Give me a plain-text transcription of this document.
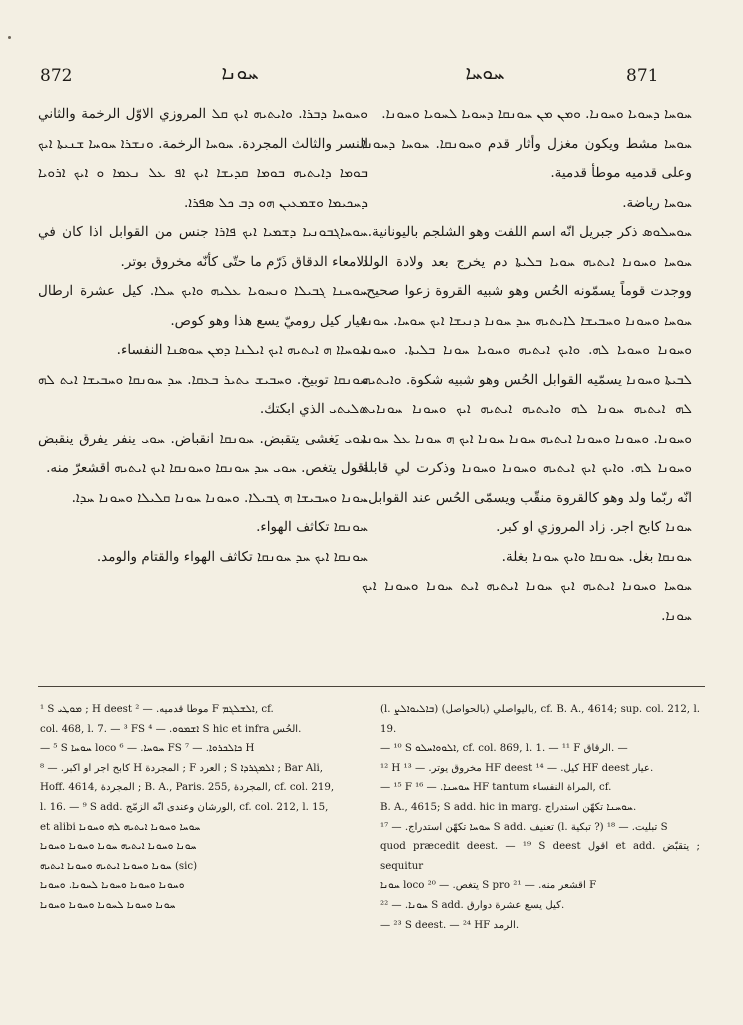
872	ܚܘܢܐ	ܚܘܚܐ	871

ܘܚܘܚܐ ܕܒܪܐ. ܘܐܝܬܝܗ ܐܝܟ ܩܠ المروزي الاوّل الرخمة والثاني النسر والثالث المجردة. ܚܘܚܐ الرخمة. ܘܢܫܪܐ ܚܘܚܐ ܫܢܝܬܐ ܐܝܟ ܒܘܡܐ ܕܐܝܬܝܗ ܒܘܡܐ ܩܕܝܫܐ ܐܝܟ ܐܦ ܥܠ ܢܥܡܐ ܘ ܐܝܟ ܐܪܘܝܐ ܕܚܟܝܡܐ ܘܫܡܥܝܢ ܗܘ ܕܒ ܟܠ ܣܦܪܐ.

ܚܘܚܐܓܒܘܢܝܐ ܕܫܡܝܐ ܐܝܟ ܦܐܪܐ جنس من القوابل اذا كان في الامعاء الدقاق ذَرّم ما حتّى كأنّه مخروق بوتر.

ܚܘܚܢܐ ܓܒܝܠܐ ܘܢܚܘܝܐ ܥܠܝܗ ܘܐܝܟ ܚܠܐ. كيل عشرة ارطال عيار كيل روميّ يسع هذا وهو كوص.

ܚܘܚܐܐ ܗ ܐܝܬܝܗ ܐܝܟ ܐܝܠܢܐ ܕܡܢ ܚܘܣܢܐ النفساء.

ܚܘܢܩܐ توبيخ. ܘܚܒܝܫ ܝܬܝܪ ܒܥܩܐ. ܚܕ ܚܘܢܩܐ ܘܚܒܝܫܐ ܐܝܬ ܠܗ ܬܠܝܬܝ الذي ابكتك.

ܚܘܝ يَغشى يتقبض. ܚܘܢܩܐ انقباض. ܚܘܝ ينفر يفرق ينقبض اقول يتغص. ܚܘܝ ܚܕ ܚܘܢܩܐ ܘܚܘܢܩܐ ܐܝܟ ܐܝܬܝܗ اقشعرّ منه.

ܚܘܢܐ ܘܚܒܝܫܐ ܗ ܓܒܝܠܐ. ܘܚܘܢܐ ܚܘܢܐ ܩܠܝܠܐ ܘܚܘܢܐ ܚܕܐ.

ܚܘܢܩܐ تكاثف الهواء.

ܚܘܢܩܐ ܐܝܟ ܚܕ ܚܘܢܩܐ تكاثف الهواء والقتام والومد.

ܚܘܚܐ ܕܚܘܝܐ ܘܚܘܢܐ. ܘܡܢ ܡܢ ܚܘܢܩܐ ܕܚܘܝܐ ܠܚܘܝܐ ܘܚܘܢܐ.

ܚܘܚܐ مشط ويكون مغزل وأثار قدم ܘܚܘܢܩܐ. ܚܘܚܐ ܕܚܘܢܐ وعلى قدميه موطأ قدمية.

ܚܘܚܐ رياضة.

ܚܘܚܠܘܣ ذكر جبريل انّه اسم اللفت وهو الشلجم باليونانية.

ܚܘܚܐ ܘܚܘܢܐ ܐܝܬܝܗ ܚܘܝܐ ܒܠܝܬܐ دم يخرج بعد ولادة الولد ووجدت قوماً يسمّونه الحُس وهو شبيه القروة زعوا صحيح. ܚܘܚܐ ܘܚܘܢܐ ܘܚܒܝܫܐ ܠܐܝܬܝܗ ܚܕ ܚܘܢܐ ܕܢܝܫܐ ܐܝܟ ܚܘܚܐ. ܚܘܢܐ ܘܚܘܢܐ ܘܚܘܝܐ ܠܗ. ܘܐܝܟ ܐܝܬܝܗ ܘܚܘܝܐ ܚܘܢܐ ܒܠܝܬܐ. ܘܚܘܢܐ ܠܒܝܬܐ ܘܚܘܢܐ يسمّيه القوابل الحُس وهو شبيه شكوة. ܘܐܝܬܝܗ ܠܗ ܐܝܬܝܗ ܚܘܢܐ ܠܗ ܘܐܝܬܝܗ ܐܝܬܝܗ ܐܝܟ ܘܚܘܢܐ ܚܘܢܐܝܬ ܘܚܘܢܐ. ܘܚܘܢܐ ܘܚܘܢܐ ܐܝܬܝܗ ܚܘܢܐ ܚܘܢܐ ܐܝܟ ܗ ܚܘܢܐ ܥܠ ܚܘܢܐ ܘܚܘܢܐ ܠܗ. ܘܐܝܟ ܐܝܟ ܐܝܬܝܗ ܘܚܘܢܐ ܘܚܘܢܐ وذكرت لي قابلة انّه ربّما ولد وهو كالقروة منقّب ويسمّى الحُس عند القوابل.

ܚܘܢܐ كابح اجر. زاد المروزي او كبر.

ܚܘܢܩܐ بغل. ܚܘܢܩܐ ܘܐܝܟ ܚܘܢܐ بغلة.

ܚܘܚܐ ܘܚܘܢܐ ܐܝܬܝܗ ܐܝܟ ܚܘܢܐ ܐܝܬܝܗ ܐܝܬ ܚܘܢܐ ܘܚܘܢܐ ܐܝܟ ܚܘܢܐ.

¹ S ܡܘܛܝ ; H deest موطا قدميه. — ² F ܐܠܫܠܓܡ, cf.

col. 468, l. 7. — ³ FS ܐܫܡܘܘ. — ⁴ S hic et infra الحُس.

— ⁵ S ܚܘܚܐ loco ܚܘܚܐ. — ⁶ FS ܟܐܠܟܪܘܐ. — ⁷ H

كابح اجر او اكبر. — ⁸ H المجردة ; F العرد ; S ܐܠܡܓܪܕܐ ; Bar Ali,

Hoff. 4614, المجردة ; B. A., Paris. 255, المجردة, cf. col. 219,

l. 16. — ⁹ S add. الورشان وعندى انّه الزمّج, cf. col. 212, l. 15,

et alibi ܚܘܚܐ ܘܚܘܢܐ ܐܝܬܝܗ ܠܗ ܘܚܘܢܐ

ܚܘܢܐ ܘܚܘܢܐ ܐܝܬܝܗ ܚܘܢܐ ܘܚܘܢܐ ܘܚܘܢܐ

ܚܘܢܐ ܘܚܘܢܐ ܐܝܬܝܗ ܘܚܘܢܐ ܐܝܬܝܗ (sic)

ܘܚܘܢܐ ܘܚܘܢܐ ܘܚܘܢܐ ܠܚܘܢܐ. ܘܚܘܢܐ

ܚܘܢܐ ܘܚܘܢܐ ܠܚܘܢܐ ܘܚܘܢܐ ܘܚܘܢܐ

(l. ܒܐܠܝܘܐܠܨ) باليواصلي (بالحواصل), cf. B. A., 4614; sup. col. 212, l. 19.

— ¹⁰ S ܐܠܘܘܐܚܠܘ, cf. col. 869, l. 1. — ¹¹ F الرقاق. —

¹² H مخروق يوتر. — ¹³ HF deest كيل. — ¹⁴ HF deest عيار.

— ¹⁵ F ܚܘܚܢܐ. — ¹⁶ HF tantum المراة النفساء, cf.

B. A., 4615; S add. hic in marg. ܚܘܚܢܐ تكهّن استدراج.

ܚܘܚܐ تكهّن استدراج. — ¹⁷ S add. تعنيف (l. تبكية ?) تبليت. — ¹⁸ S

quod præcedit deest. — ¹⁹ S deest اقول et add. يتقبّض ; sequitur

ܚܘܢܐ loco يتغص. — ²⁰ S pro اقشعر منه. — ²¹ F

ܚܘܢܐ. — ²² S add. كيل يسع عشرة دوارق.

— ²³ S deest. — ²⁴ HF الرمد.
